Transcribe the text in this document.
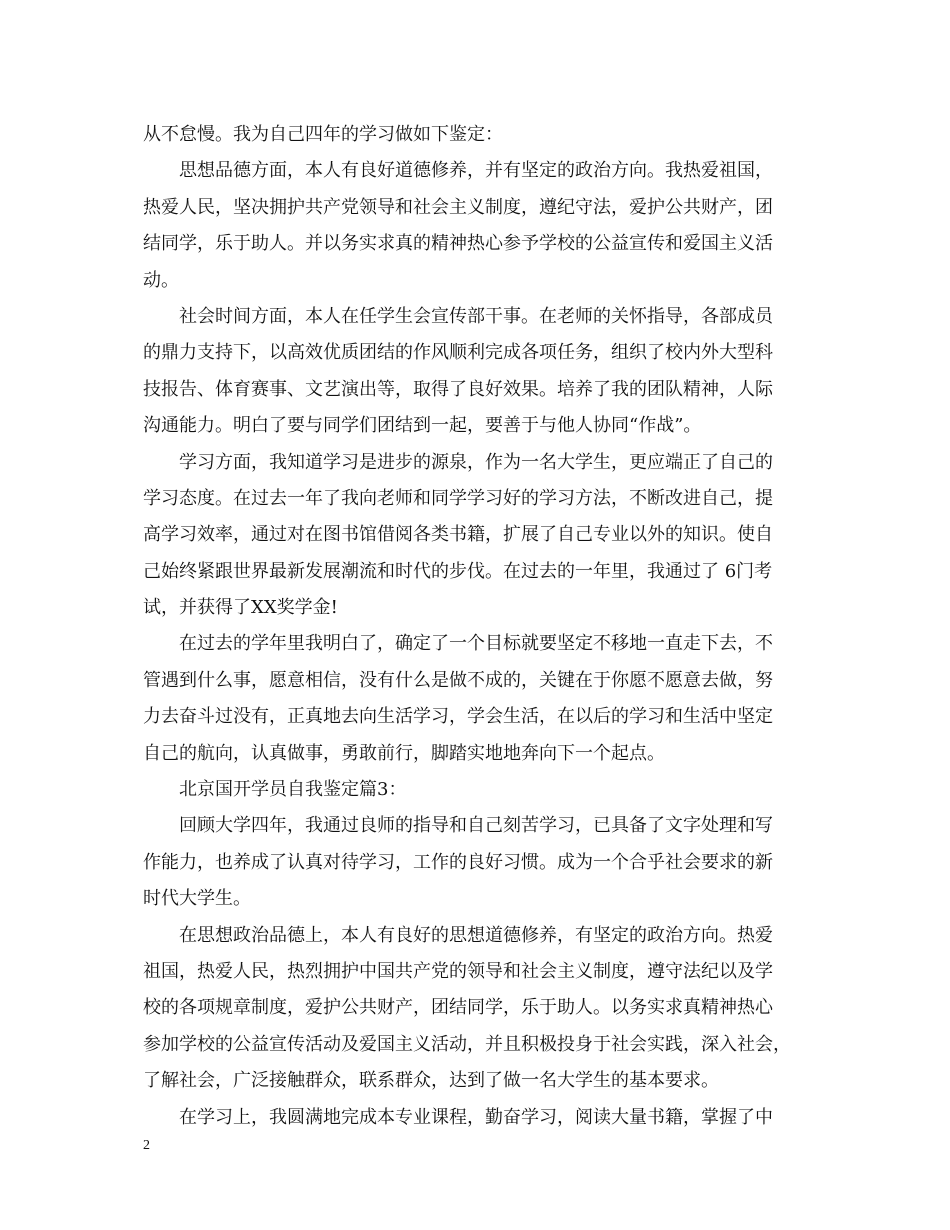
从不怠慢。我为自己四年的学习做如下鉴定：
思想品德方面，本人有良好道德修养，并有坚定的政治方向。我热爱祖国，
热爱人民，坚决拥护共产党领导和社会主义制度，遵纪守法，爱护公共财产，团
结同学，乐于助人。并以务实求真的精神热心参予学校的公益宣传和爱国主义活
动。
社会时间方面，本人在任学生会宣传部干事。在老师的关怀指导，各部成员
的鼎力支持下，以高效优质团结的作风顺利完成各项任务，组织了校内外大型科
技报告、体育赛事、文艺演出等，取得了良好效果。培养了我的团队精神，人际
沟通能力。明白了要与同学们团结到一起，要善于与他人协同“作战”。
学习方面，我知道学习是进步的源泉，作为一名大学生，更应端正了自己的
学习态度。在过去一年了我向老师和同学学习好的学习方法，不断改进自己，提
高学习效率，通过对在图书馆借阅各类书籍，扩展了自己专业以外的知识。使自
己始终紧跟世界最新发展潮流和时代的步伐。在过去的一年里，我通过了 6门考
试，并获得了XX奖学金!
在过去的学年里我明白了，确定了一个目标就要坚定不移地一直走下去，不
管遇到什么事，愿意相信，没有什么是做不成的，关键在于你愿不愿意去做，努
力去奋斗过没有，正真地去向生活学习，学会生活，在以后的学习和生活中坚定
自己的航向，认真做事，勇敢前行，脚踏实地地奔向下一个起点。
北京国开学员自我鉴定篇3：
回顾大学四年，我通过良师的指导和自己刻苦学习，已具备了文字处理和写
作能力，也养成了认真对待学习，工作的良好习惯。成为一个合乎社会要求的新
时代大学生。
在思想政治品德上，本人有良好的思想道德修养，有坚定的政治方向。热爱
祖国，热爱人民，热烈拥护中国共产党的领导和社会主义制度，遵守法纪以及学
校的各项规章制度，爱护公共财产，团结同学，乐于助人。以务实求真精神热心
参加学校的公益宣传活动及爱国主义活动，并且积极投身于社会实践，深入社会，
了解社会，广泛接触群众，联系群众，达到了做一名大学生的基本要求。
在学习上，我圆满地完成本专业课程，勤奋学习，阅读大量书籍，掌握了中
2
